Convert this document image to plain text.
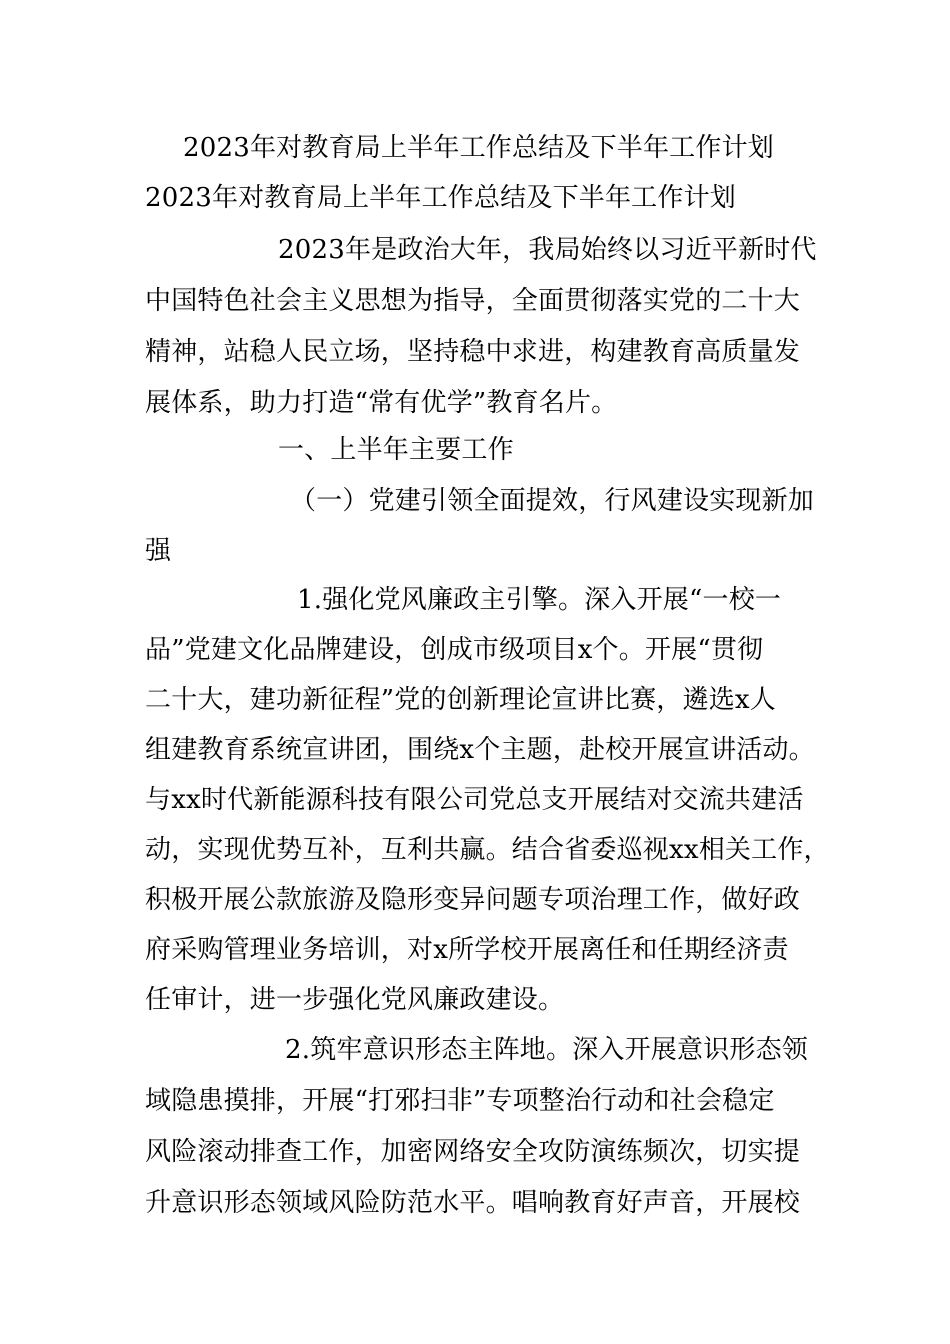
2023年对教育局上半年工作总结及下半年工作计划
2023年对教育局上半年工作总结及下半年工作计划
2023年是政治大年，我局始终以习近平新时代
中国特色社会主义思想为指导，全面贯彻落实党的二十大
精神，站稳人民立场，坚持稳中求进，构建教育高质量发
展体系，助力打造“常有优学”教育名片。
一、上半年主要工作
（一）党建引领全面提效，行风建设实现新加
强
1.强化党风廉政主引擎。深入开展“一校一
品”党建文化品牌建设，创成市级项目x个。开展“贯彻
二十大，建功新征程”党的创新理论宣讲比赛，遴选x人
组建教育系统宣讲团，围绕x个主题，赴校开展宣讲活动。
与xx时代新能源科技有限公司党总支开展结对交流共建活
动，实现优势互补，互利共赢。结合省委巡视xx相关工作，
积极开展公款旅游及隐形变异问题专项治理工作，做好政
府采购管理业务培训，对x所学校开展离任和任期经济责
任审计，进一步强化党风廉政建设。
2.筑牢意识形态主阵地。深入开展意识形态领
域隐患摸排，开展“打邪扫非”专项整治行动和社会稳定
风险滚动排查工作，加密网络安全攻防演练频次，切实提
升意识形态领域风险防范水平。唱响教育好声音，开展校
